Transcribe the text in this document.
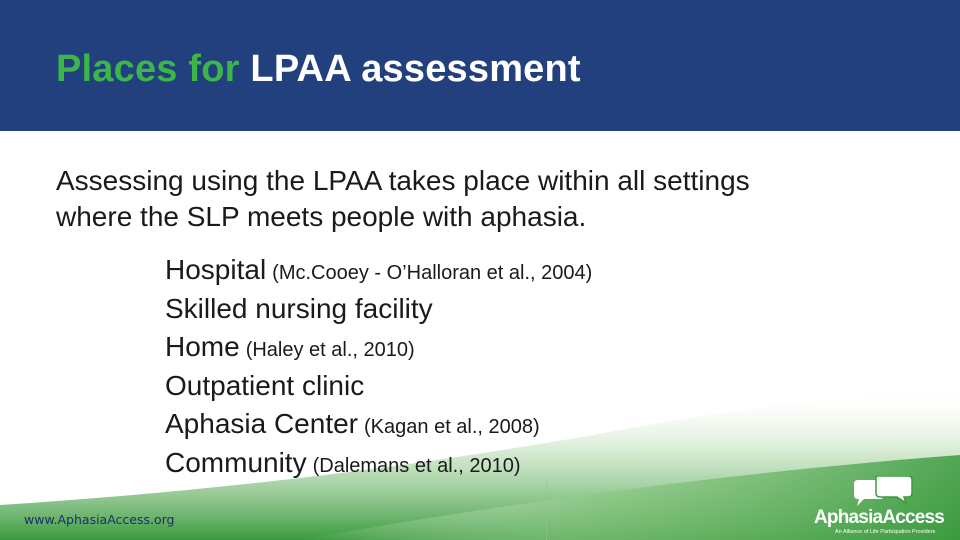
Places for LPAA assessment

Assessing using the LPAA takes place within all settings
where the SLP meets people with aphasia.

Hospital (Mc.Cooey - O’Halloran et al., 2004)
Skilled nursing facility
Home (Haley et al., 2010)
Outpatient clinic
Aphasia Center (Kagan et al., 2008)
Community (Dalemans et al., 2010)
www.AphasiaAccess.org	AphasiaAccess
An Alliance of Life Participation Providers
